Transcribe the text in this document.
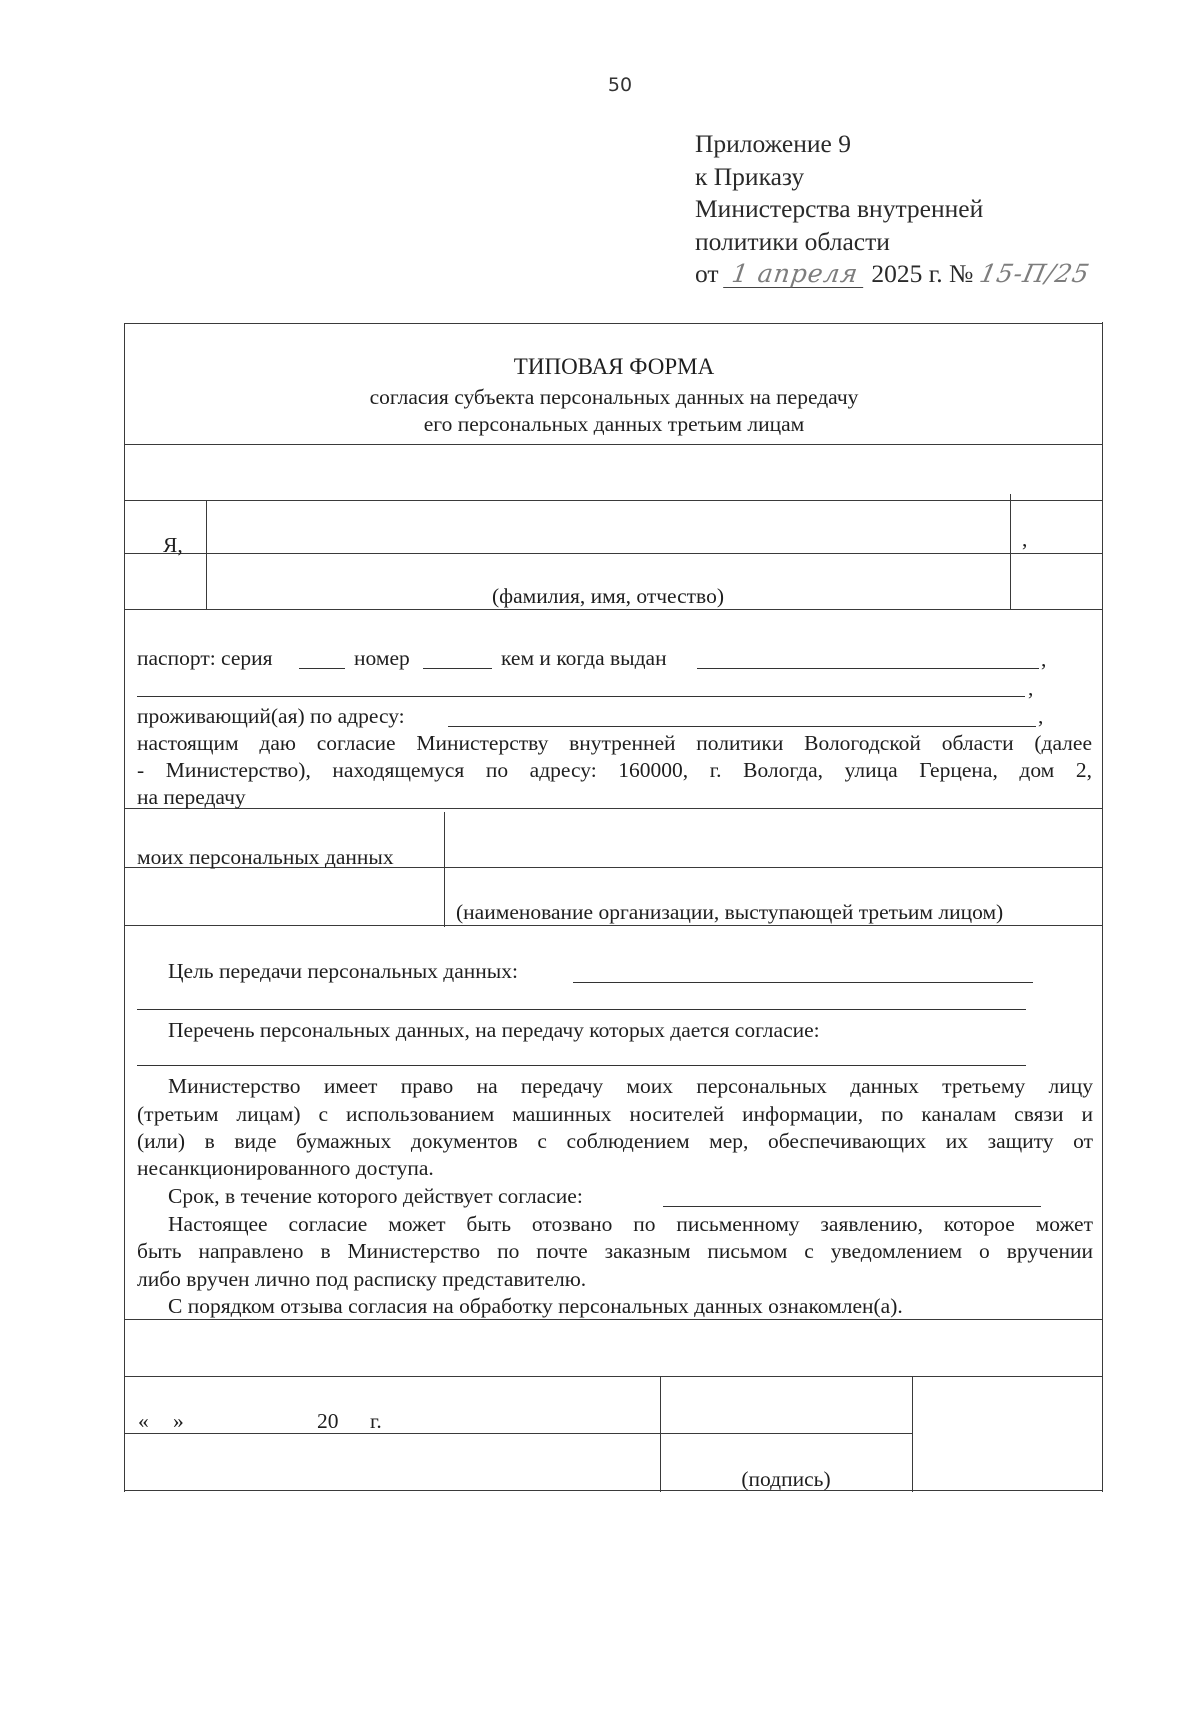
50
Приложение 9
к Приказу
Министерства внутренней
политики области
от 1 апреля 2025 г. № 15-П/25
ТИПОВАЯ ФОРМА
согласия субъекта персональных данных на передачу
его персональных данных третьим лицам
Я,	,
(фамилия, имя, отчество)
паспорт: серия	номер	кем и когда выдан	,
,
проживающий(ая) по адресу:	,
настоящим даю согласие Министерству внутренней политики Вологодской области (далее
- Министерство), находящемуся по адресу: 160000, г. Вологда, улица Герцена, дом 2,
на передачу
моих персональных данных
(наименование организации, выступающей третьим лицом)
Цель передачи персональных данных:
Перечень персональных данных, на передачу которых дается согласие:
Министерство имеет право на передачу моих персональных данных третьему лицу
(третьим лицам) с использованием машинных носителей информации, по каналам связи и
(или) в виде бумажных документов с соблюдением мер, обеспечивающих их защиту от
несанкционированного доступа.
Срок, в течение которого действует согласие:
Настоящее согласие может быть отозвано по письменному заявлению, которое может
быть направлено в Министерство по почте заказным письмом с уведомлением о вручении
либо вручен лично под расписку представителю.
С порядком отзыва согласия на обработку персональных данных ознакомлен(а).
« »	20 г.
(подпись)
